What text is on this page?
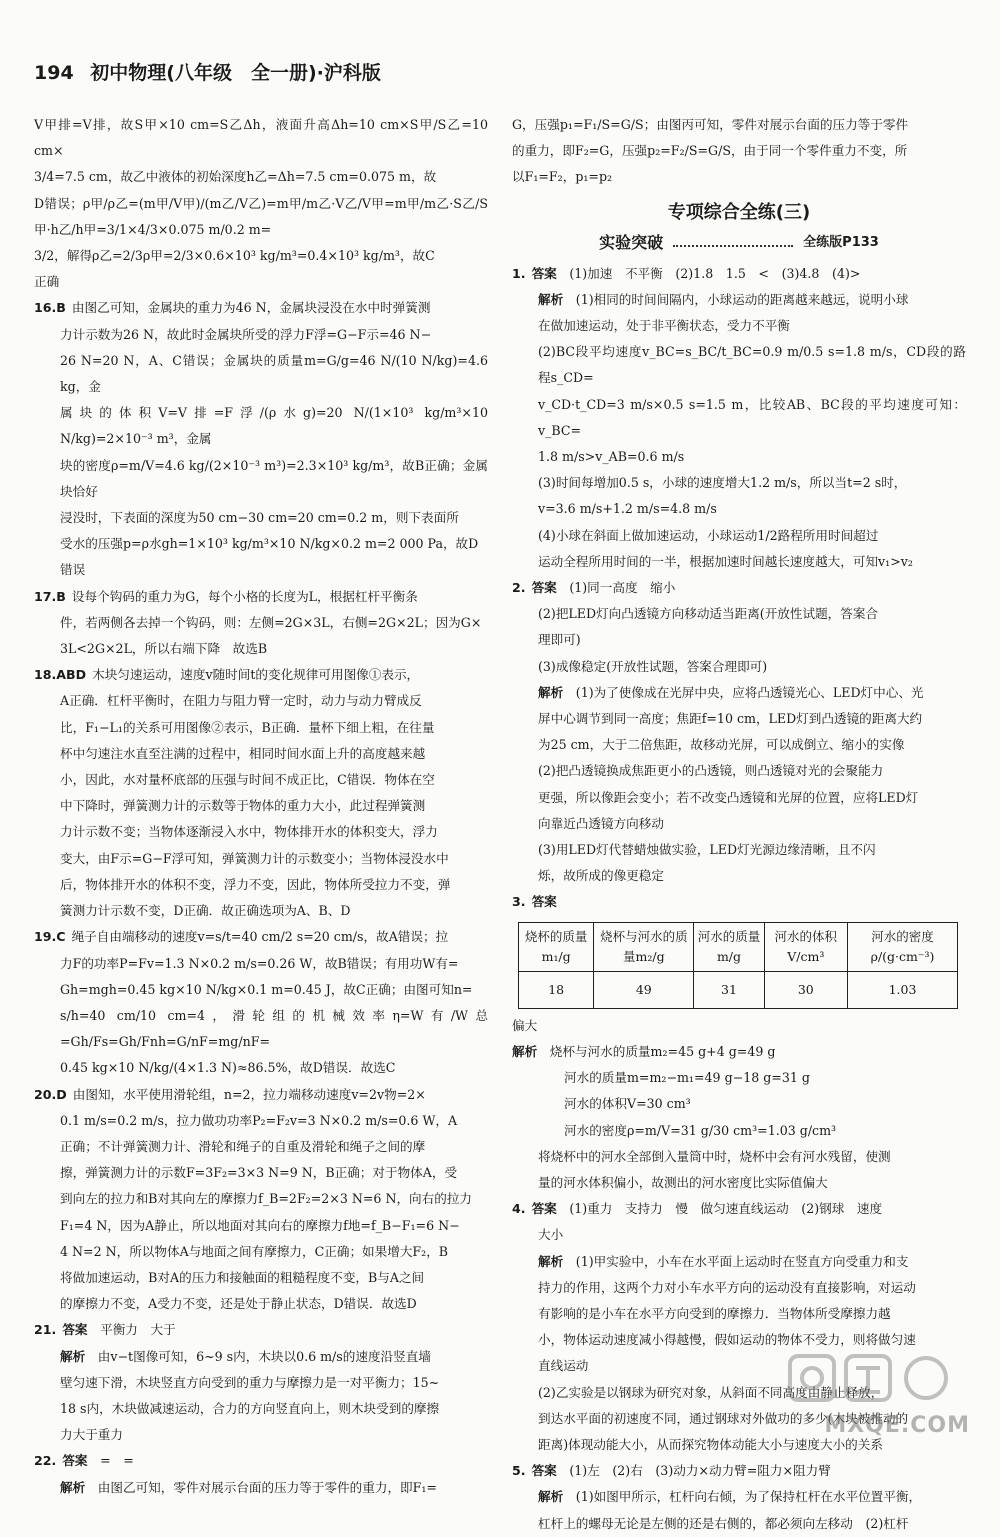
194 初中物理(八年级　全一册)·沪科版

V甲排=V排，故S甲×10 cm=S乙Δh，液面升高Δh=10 cm×S甲/S乙=10 cm×

3/4=7.5 cm，故乙中液体的初始深度h乙=Δh=7.5 cm=0.075 m，故

D错误；ρ甲/ρ乙=(m甲/V甲)/(m乙/V乙)=m甲/m乙·V乙/V甲=m甲/m乙·S乙/S甲·h乙/h甲=3/1×4/3×0.075 m/0.2 m=

3/2，解得ρ乙=2/3ρ甲=2/3×0.6×10³ kg/m³=0.4×10³ kg/m³，故C

正确

16.B 由图乙可知，金属块的重力为46 N，金属块浸没在水中时弹簧测

力计示数为26 N，故此时金属块所受的浮力F浮=G−F示=46 N−

26 N=20 N，A、C错误；金属块的质量m=G/g=46 N/(10 N/kg)=4.6 kg，金

属块的体积V=V排=F浮/(ρ水g)=20 N/(1×10³ kg/m³×10 N/kg)=2×10⁻³ m³，金属

块的密度ρ=m/V=4.6 kg/(2×10⁻³ m³)=2.3×10³ kg/m³，故B正确；金属块恰好

浸没时，下表面的深度为50 cm−30 cm=20 cm=0.2 m，则下表面所

受水的压强p=ρ水gh=1×10³ kg/m³×10 N/kg×0.2 m=2 000 Pa，故D

错误

17.B 设每个钩码的重力为G，每个小格的长度为L，根据杠杆平衡条

件，若两侧各去掉一个钩码，则：左侧=2G×3L，右侧=2G×2L；因为G×

3L<2G×2L，所以右端下降　故选B

18.ABD 木块匀速运动，速度v随时间t的变化规律可用图像①表示，

A正确．杠杆平衡时，在阻力与阻力臂一定时，动力与动力臂成反

比，F₁−L₁的关系可用图像②表示，B正确．量杯下细上粗，在往量

杯中匀速注水直至注满的过程中，相同时间水面上升的高度越来越

小，因此，水对量杯底部的压强与时间不成正比，C错误．物体在空

中下降时，弹簧测力计的示数等于物体的重力大小，此过程弹簧测

力计示数不变；当物体逐渐浸入水中，物体排开水的体积变大，浮力

变大，由F示=G−F浮可知，弹簧测力计的示数变小；当物体浸没水中

后，物体排开水的体积不变，浮力不变，因此，物体所受拉力不变，弹

簧测力计示数不变，D正确．故正确选项为A、B、D

19.C 绳子自由端移动的速度v=s/t=40 cm/2 s=20 cm/s，故A错误；拉

力F的功率P=Fv=1.3 N×0.2 m/s=0.26 W，故B错误；有用功W有=

Gh=mgh=0.45 kg×10 N/kg×0.1 m=0.45 J，故C正确；由图可知n=

s/h=40 cm/10 cm=4，滑轮组的机械效率η=W有/W总=Gh/Fs=Gh/Fnh=G/nF=mg/nF=

0.45 kg×10 N/kg/(4×1.3 N)≈86.5%，故D错误．故选C

20.D 由图知，水平使用滑轮组，n=2，拉力端移动速度v=2v物=2×

0.1 m/s=0.2 m/s，拉力做功功率P₂=F₂v=3 N×0.2 m/s=0.6 W，A

正确；不计弹簧测力计、滑轮和绳子的自重及滑轮和绳子之间的摩

擦，弹簧测力计的示数F=3F₂=3×3 N=9 N，B正确；对于物体A，受

到向左的拉力和B对其向左的摩擦力f_B=2F₂=2×3 N=6 N，向右的拉力

F₁=4 N，因为A静止，所以地面对其向右的摩擦力f地=f_B−F₁=6 N−

4 N=2 N，所以物体A与地面之间有摩擦力，C正确；如果增大F₂，B

将做加速运动，B对A的压力和接触面的粗糙程度不变，B与A之间

的摩擦力不变，A受力不变，还是处于静止状态，D错误．故选D

21. 答案　 平衡力　大于

解析　 由v−t图像可知，6~9 s内，木块以0.6 m/s的速度沿竖直墙

壁匀速下滑，木块竖直方向受到的重力与摩擦力是一对平衡力；15~

18 s内，木块做减速运动，合力的方向竖直向上，则木块受到的摩擦

力大于重力

22. 答案　 =　=

解析　 由图乙可知，零件对展示台面的压力等于零件的重力，即F₁=

G，压强p₁=F₁/S=G/S；由图丙可知，零件对展示台面的压力等于零件

的重力，即F₂=G，压强p₂=F₂/S=G/S，由于同一个零件重力不变，所

以F₁=F₂，p₁=p₂

专项综合全练(三)
实验突破	全练版P133

1. 答案　 (1)加速　不平衡　(2)1.8　1.5　<　(3)4.8　(4)>

解析　 (1)相同的时间间隔内，小球运动的距离越来越远，说明小球

在做加速运动，处于非平衡状态，受力不平衡

(2)BC段平均速度v_BC=s_BC/t_BC=0.9 m/0.5 s=1.8 m/s，CD段的路程s_CD=

v_CD·t_CD=3 m/s×0.5 s=1.5 m，比较AB、BC段的平均速度可知：v_BC=

1.8 m/s>v_AB=0.6 m/s

(3)时间每增加0.5 s，小球的速度增大1.2 m/s，所以当t=2 s时，

v=3.6 m/s+1.2 m/s=4.8 m/s

(4)小球在斜面上做加速运动，小球运动1/2路程所用时间超过

运动全程所用时间的一半，根据加速时间越长速度越大，可知v₁>v₂

2. 答案　 (1)同一高度　缩小

(2)把LED灯向凸透镜方向移动适当距离(开放性试题，答案合

理即可)

(3)成像稳定(开放性试题，答案合理即可)

解析　 (1)为了使像成在光屏中央，应将凸透镜光心、LED灯中心、光

屏中心调节到同一高度；焦距f=10 cm，LED灯到凸透镜的距离大约

为25 cm，大于二倍焦距，故移动光屏，可以成倒立、缩小的实像

(2)把凸透镜换成焦距更小的凸透镜，则凸透镜对光的会聚能力

更强，所以像距会变小；若不改变凸透镜和光屏的位置，应将LED灯

向靠近凸透镜方向移动

(3)用LED灯代替蜡烛做实验，LED灯光源边缘清晰，且不闪

烁，故所成的像更稳定

3. 答案　

烧杯的质量m₁/g	烧杯与河水的质量m₂/g	河水的质量m/g	河水的体积V/cm³	河水的密度ρ/(g·cm⁻³)
18	49	31	30	1.03

偏大

解析　 烧杯与河水的质量m₂=45 g+4 g=49 g

河水的质量m=m₂−m₁=49 g−18 g=31 g

河水的体积V=30 cm³

河水的密度ρ=m/V=31 g/30 cm³=1.03 g/cm³

将烧杯中的河水全部倒入量筒中时，烧杯中会有河水残留，使测

量的河水体积偏小，故测出的河水密度比实际值偏大

4. 答案　 (1)重力　支持力　慢　做匀速直线运动　(2)钢球　速度

大小

解析　 (1)甲实验中，小车在水平面上运动时在竖直方向受重力和支

持力的作用，这两个力对小车水平方向的运动没有直接影响，对运动

有影响的是小车在水平方向受到的摩擦力．当物体所受摩擦力越

小，物体运动速度减小得越慢，假如运动的物体不受力，则将做匀速

直线运动

(2)乙实验是以钢球为研究对象，从斜面不同高度由静止释放，

到达水平面的初速度不同，通过钢球对外做功的多少(木块被推动的

距离)体现动能大小，从而探究物体动能大小与速度大小的关系

5. 答案　 (1)左　(2)右　(3)动力×动力臂=阻力×阻力臂

解析　 (1)如图甲所示，杠杆向右倾，为了保持杠杆在水平位置平衡，

杠杆上的螺母无论是左侧的还是右侧的，都必须向左移动　(2)杠杆

MXQE.COM
